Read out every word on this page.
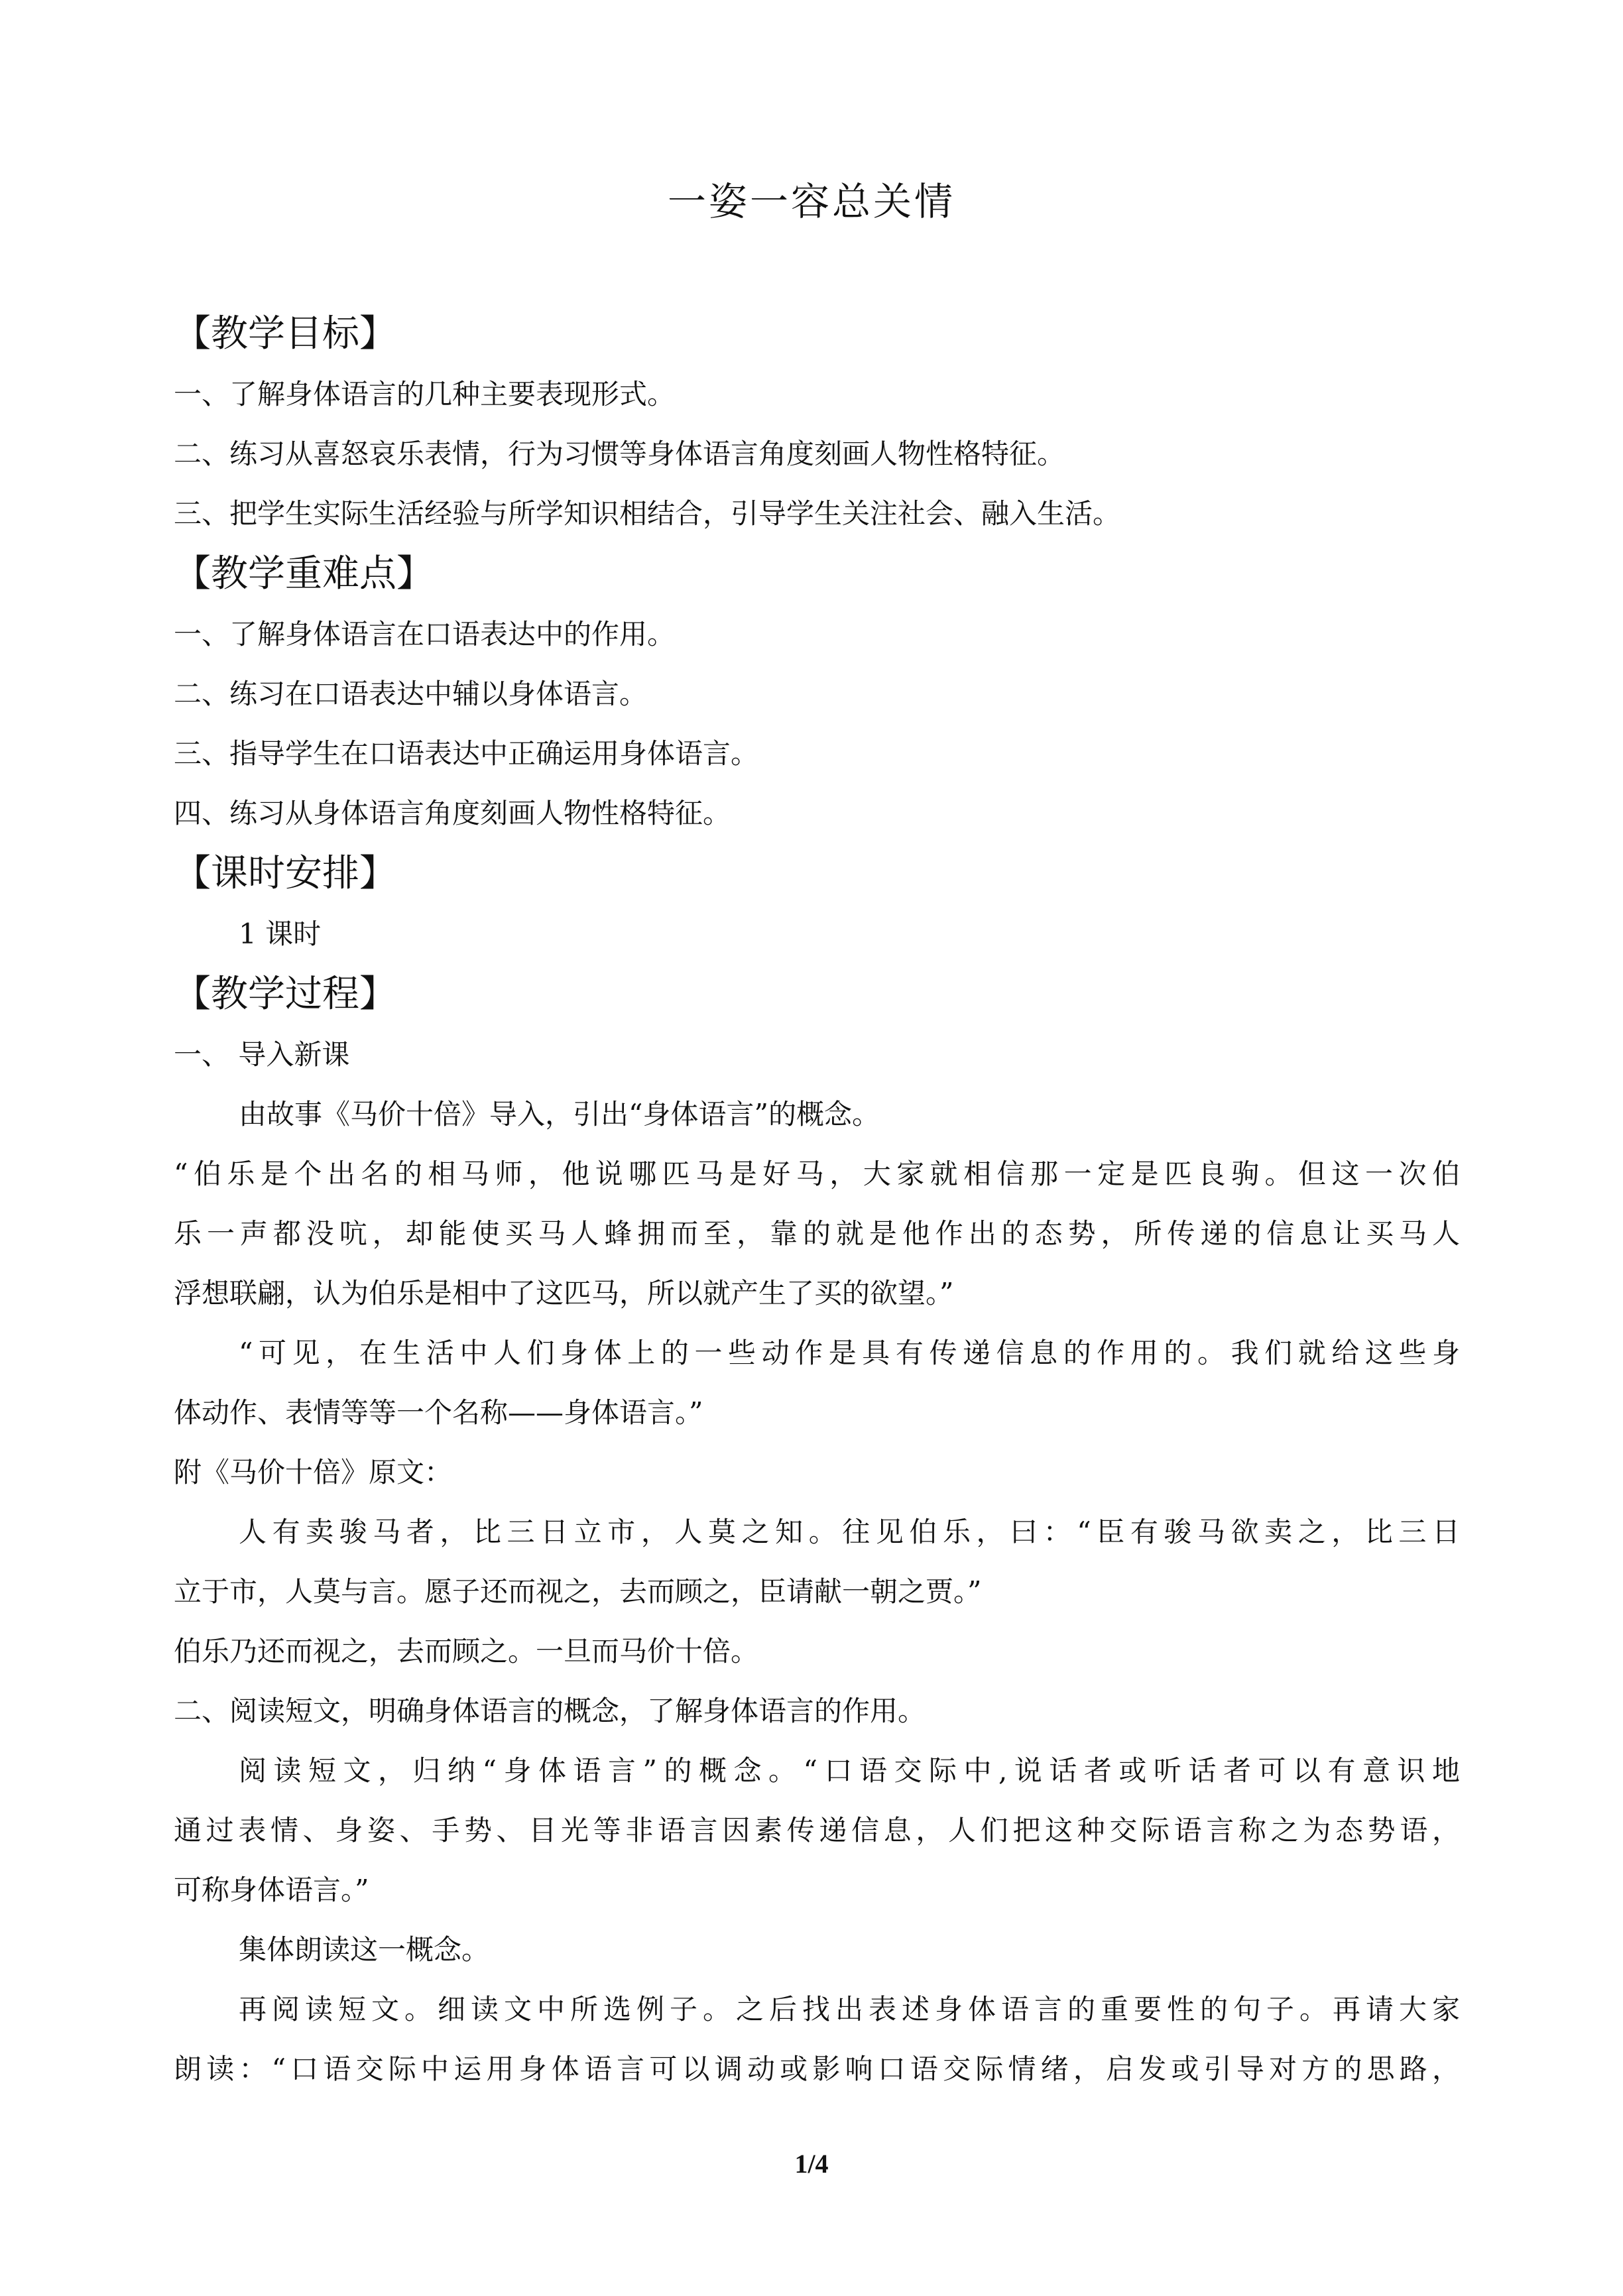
一姿一容总关情
【教学目标】
一、了解身体语言的几种主要表现形式。
二、练习从喜怒哀乐表情，行为习惯等身体语言角度刻画人物性格特征。
三、把学生实际生活经验与所学知识相结合，引导学生关注社会、融入生活。
【教学重难点】
一、了解身体语言在口语表达中的作用。
二、练习在口语表达中辅以身体语言。
三、指导学生在口语表达中正确运用身体语言。
四、练习从身体语言角度刻画人物性格特征。
【课时安排】
1 课时
【教学过程】
一、 导入新课
由故事《马价十倍》导入，引出“身体语言”的概念。
“伯乐是个出名的相马师，他说哪匹马是好马，大家就相信那一定是匹良驹。但这一次伯
乐一声都没吭，却能使买马人蜂拥而至，靠的就是他作出的态势，所传递的信息让买马人
浮想联翩，认为伯乐是相中了这匹马，所以就产生了买的欲望。”
“可见，在生活中人们身体上的一些动作是具有传递信息的作用的。我们就给这些身
体动作、表情等等一个名称——身体语言。”
附《马价十倍》原文：
人有卖骏马者，比三日立市，人莫之知。往见伯乐，曰：“臣有骏马欲卖之，比三日
立于市，人莫与言。愿子还而视之，去而顾之，臣请献一朝之贾。”
伯乐乃还而视之，去而顾之。一旦而马价十倍。
二、阅读短文，明确身体语言的概念，了解身体语言的作用。
阅读短文，归纳“身体语言”的概念。“口语交际中,说话者或听话者可以有意识地
通过表情、身姿、手势、目光等非语言因素传递信息，人们把这种交际语言称之为态势语，
可称身体语言。”
集体朗读这一概念。
再阅读短文。细读文中所选例子。之后找出表述身体语言的重要性的句子。再请大家
朗读：“口语交际中运用身体语言可以调动或影响口语交际情绪，启发或引导对方的思路，
1/4
